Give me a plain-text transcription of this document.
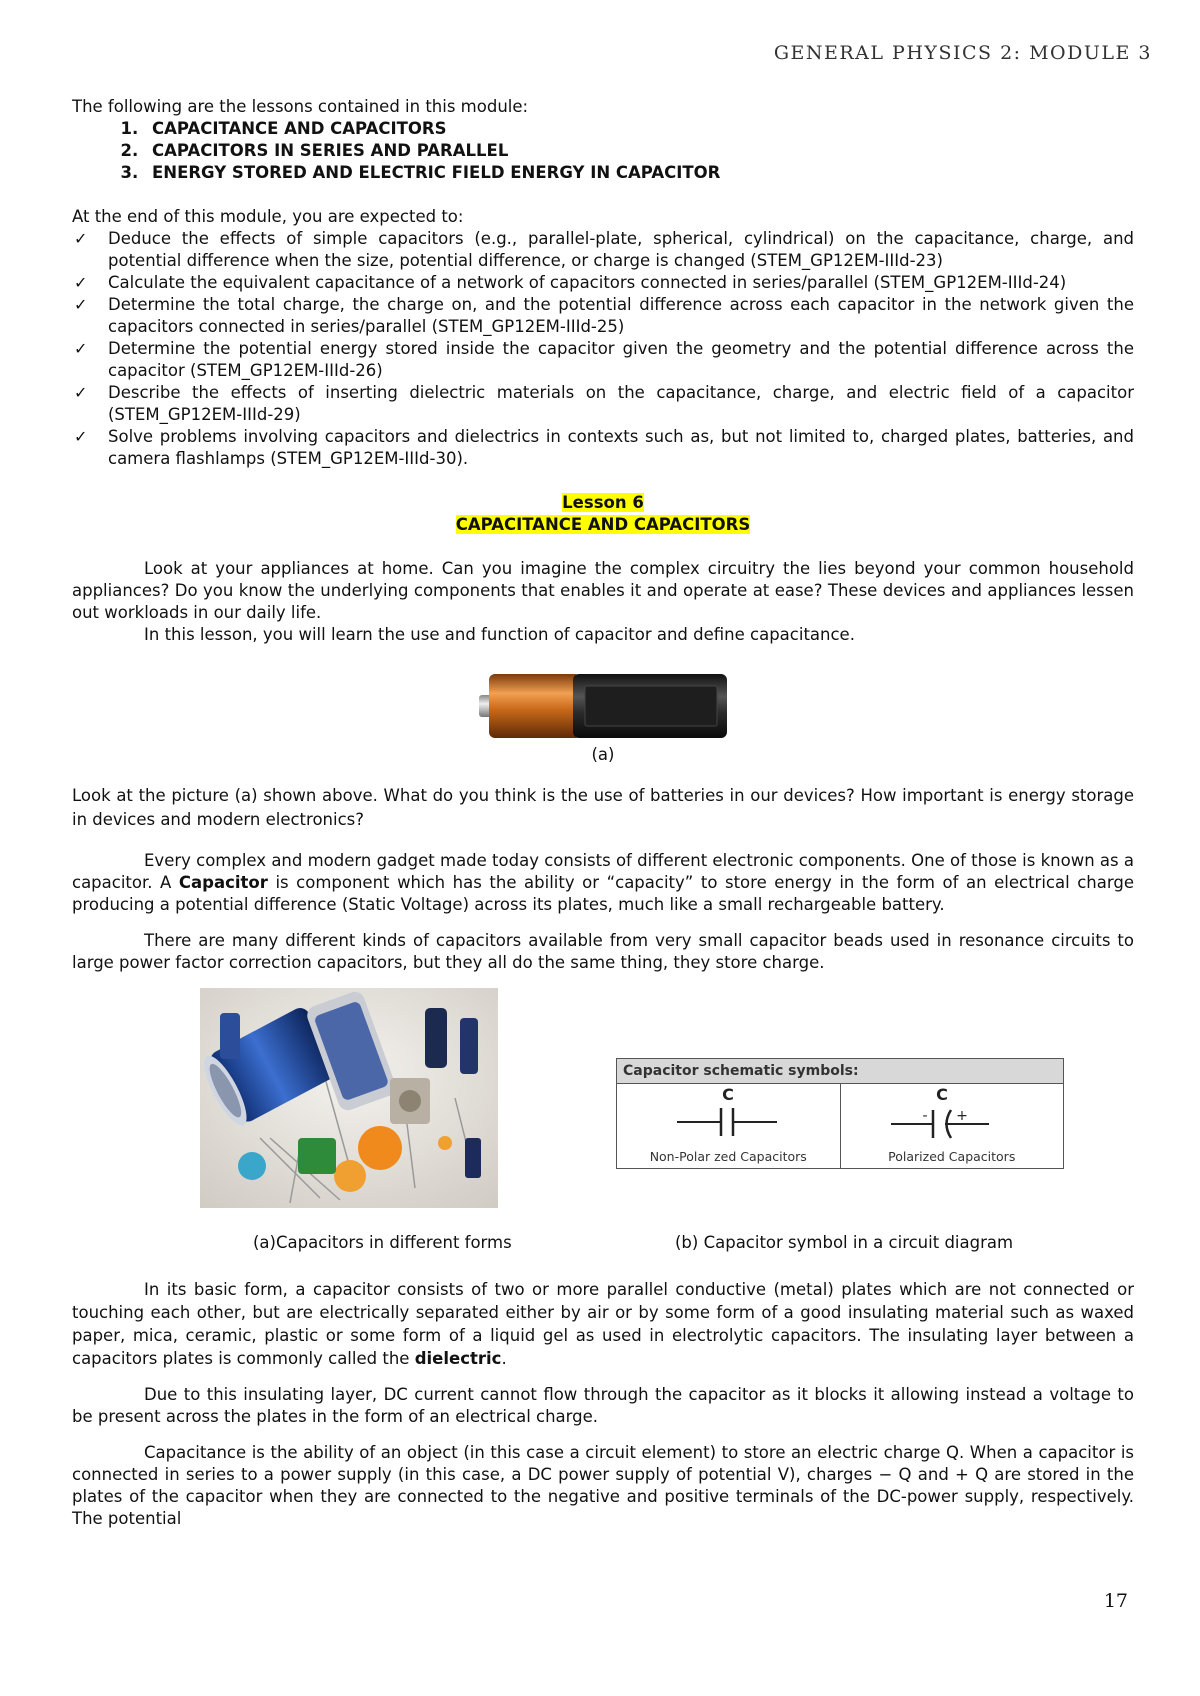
GENERAL PHYSICS 2: MODULE 3

The following are the lessons contained in this module:

1. CAPACITANCE AND CAPACITORS
2. CAPACITORS IN SERIES AND PARALLEL
3. ENERGY STORED AND ELECTRIC FIELD ENERGY IN CAPACITOR

At the end of this module, you are expected to:

✓ Deduce the effects of simple capacitors (e.g., parallel-plate, spherical, cylindrical) on the capacitance, charge, and potential difference when the size, potential difference, or charge is changed (STEM_GP12EM-IIId-23)
✓ Calculate the equivalent capacitance of a network of capacitors connected in series/parallel (STEM_GP12EM-IIId-24)
✓ Determine the total charge, the charge on, and the potential difference across each capacitor in the network given the capacitors connected in series/parallel (STEM_GP12EM-IIId-25)
✓ Determine the potential energy stored inside the capacitor given the geometry and the potential difference across the capacitor (STEM_GP12EM-IIId-26)
✓ Describe the effects of inserting dielectric materials on the capacitance, charge, and electric field of a capacitor (STEM_GP12EM-IIId-29)
✓ Solve problems involving capacitors and dielectrics in contexts such as, but not limited to, charged plates, batteries, and camera flashlamps (STEM_GP12EM-IIId-30).
Lesson 6
CAPACITANCE AND CAPACITORS

Look at your appliances at home. Can you imagine the complex circuitry the lies beyond your common household appliances? Do you know the underlying components that enables it and operate at ease? These devices and appliances lessen out workloads in our daily life.

In this lesson, you will learn the use and function of capacitor and define capacitance.

(a)

Look at the picture (a) shown above. What do you think is the use of batteries in our devices? How important is energy storage in devices and modern electronics?

Every complex and modern gadget made today consists of different electronic components. One of those is known as a capacitor. A Capacitor is component which has the ability or “capacity” to store energy in the form of an electrical charge producing a potential difference (Static Voltage) across its plates, much like a small rechargeable battery.

There are many different kinds of capacitors available from very small capacitor beads used in resonance circuits to large power factor correction capacitors, but they all do the same thing, they store charge.

Capacitor schematic symbols:
C
Non-Polar zed Capacitors
C
- +
Polarized Capacitors
(a)Capacitors in different forms	(b) Capacitor symbol in a circuit diagram

In its basic form, a capacitor consists of two or more parallel conductive (metal) plates which are not connected or touching each other, but are electrically separated either by air or by some form of a good insulating material such as waxed paper, mica, ceramic, plastic or some form of a liquid gel as used in electrolytic capacitors. The insulating layer between a capacitors plates is commonly called the dielectric.

Due to this insulating layer, DC current cannot flow through the capacitor as it blocks it allowing instead a voltage to be present across the plates in the form of an electrical charge.

Capacitance is the ability of an object (in this case a circuit element) to store an electric charge Q. When a capacitor is connected in series to a power supply (in this case, a DC power supply of potential V), charges − Q and + Q are stored in the plates of the capacitor when they are connected to the negative and positive terminals of the DC-power supply, respectively. The potential

17
